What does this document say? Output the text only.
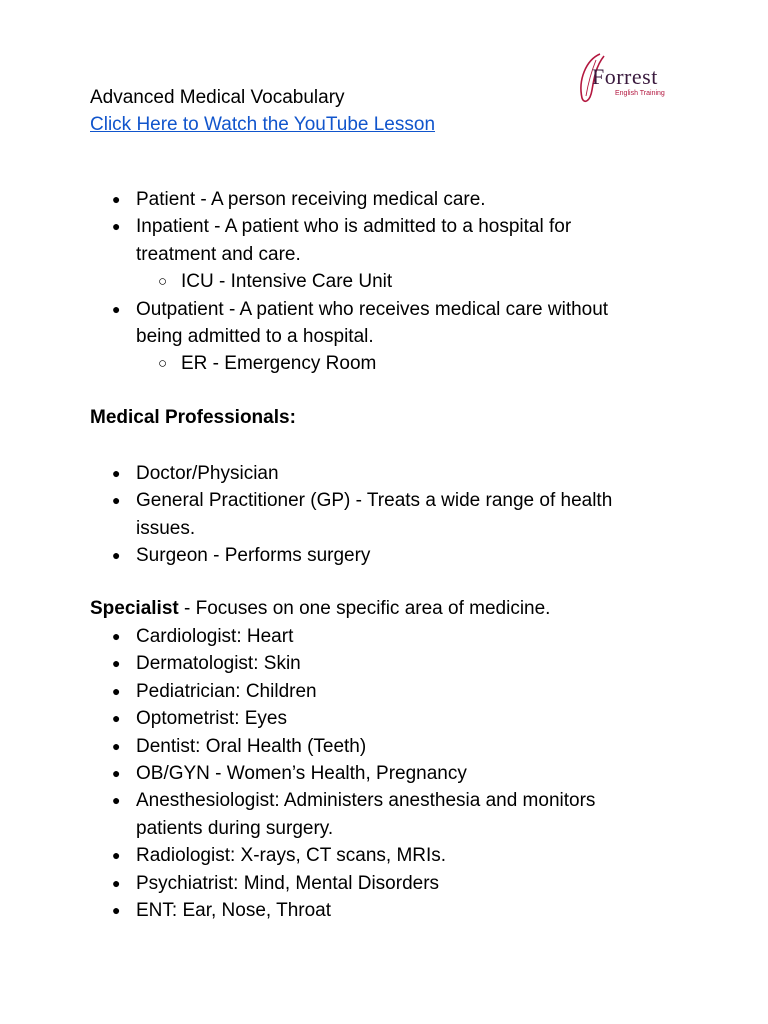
Forrest
English Training
Advanced Medical Vocabulary
Click Here to Watch the YouTube Lesson
● Patient - A person receiving medical care.
● Inpatient - A patient who is admitted to a hospital for treatment and care.
○ ICU - Intensive Care Unit
● Outpatient - A patient who receives medical care without being admitted to a hospital.
○ ER - Emergency Room
Medical Professionals:
● Doctor/Physician
● General Practitioner (GP) - Treats a wide range of health issues.
● Surgeon - Performs surgery
Specialist - Focuses on one specific area of medicine.
● Cardiologist: Heart
● Dermatologist: Skin
● Pediatrician: Children
● Optometrist: Eyes
● Dentist: Oral Health (Teeth)
● OB/GYN - Women’s Health, Pregnancy
● Anesthesiologist: Administers anesthesia and monitors patients during surgery.
● Radiologist: X-rays, CT scans, MRIs.
● Psychiatrist: Mind, Mental Disorders
● ENT: Ear, Nose, Throat
